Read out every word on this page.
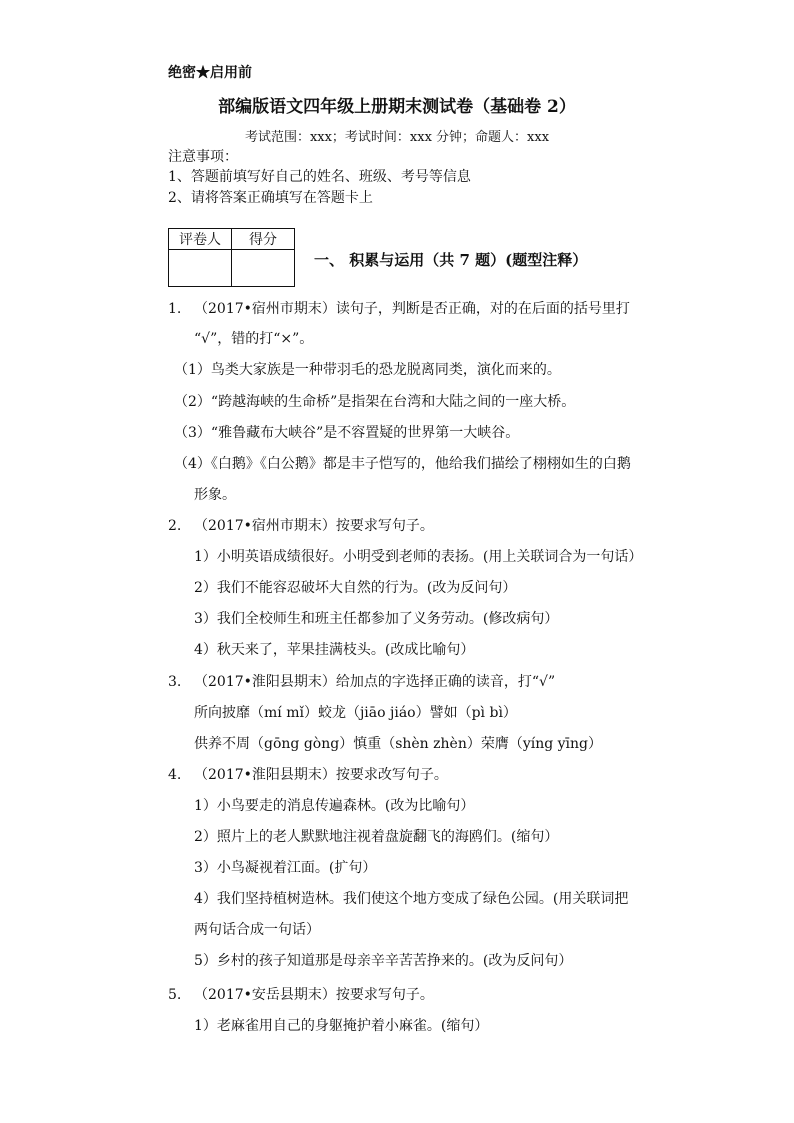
绝密★启用前
部编版语文四年级上册期末测试卷（基础卷 2）
考试范围：xxx；考试时间：xxx 分钟；命题人：xxx
注意事项：
1、答题前填写好自己的姓名、班级、考号等信息
2、请将答案正确填写在答题卡上
评卷人	得分

一、 积累与运用（共 7 题）(题型注释）
1. （2017•宿州市期末）读句子，判断是否正确，对的在后面的括号里打
“√”，错的打“×”。
（1）鸟类大家族是一种带羽毛的恐龙脱离同类，演化而来的。
（2）“跨越海峡的生命桥”是指架在台湾和大陆之间的一座大桥。
（3）“雅鲁藏布大峡谷”是不容置疑的世界第一大峡谷。
（4）《白鹅》《白公鹅》都是丰子恺写的，他给我们描绘了栩栩如生的白鹅
形象。
2. （2017•宿州市期末）按要求写句子。
1）小明英语成绩很好。小明受到老师的表扬。(用上关联词合为一句话）
2）我们不能容忍破坏大自然的行为。(改为反问句）
3）我们全校师生和班主任都参加了义务劳动。(修改病句）
4）秋天来了，苹果挂满枝头。(改成比喻句）
3. （2017•淮阳县期末）给加点的字选择正确的读音，打“√”
所向披靡（mí mǐ）蛟龙（jiāo jiáo）譬如（pì bì）
供养不周（gōng gòng）慎重（shèn zhèn）荣膺（yíng yīng）
4. （2017•淮阳县期末）按要求改写句子。
1）小鸟要走的消息传遍森林。(改为比喻句）
2）照片上的老人默默地注视着盘旋翻飞的海鸥们。(缩句）
3）小鸟凝视着江面。(扩句）
4）我们坚持植树造林。我们使这个地方变成了绿色公园。(用关联词把
两句话合成一句话）
5）乡村的孩子知道那是母亲辛辛苦苦挣来的。(改为反问句）
5. （2017•安岳县期末）按要求写句子。
1）老麻雀用自己的身躯掩护着小麻雀。(缩句）
